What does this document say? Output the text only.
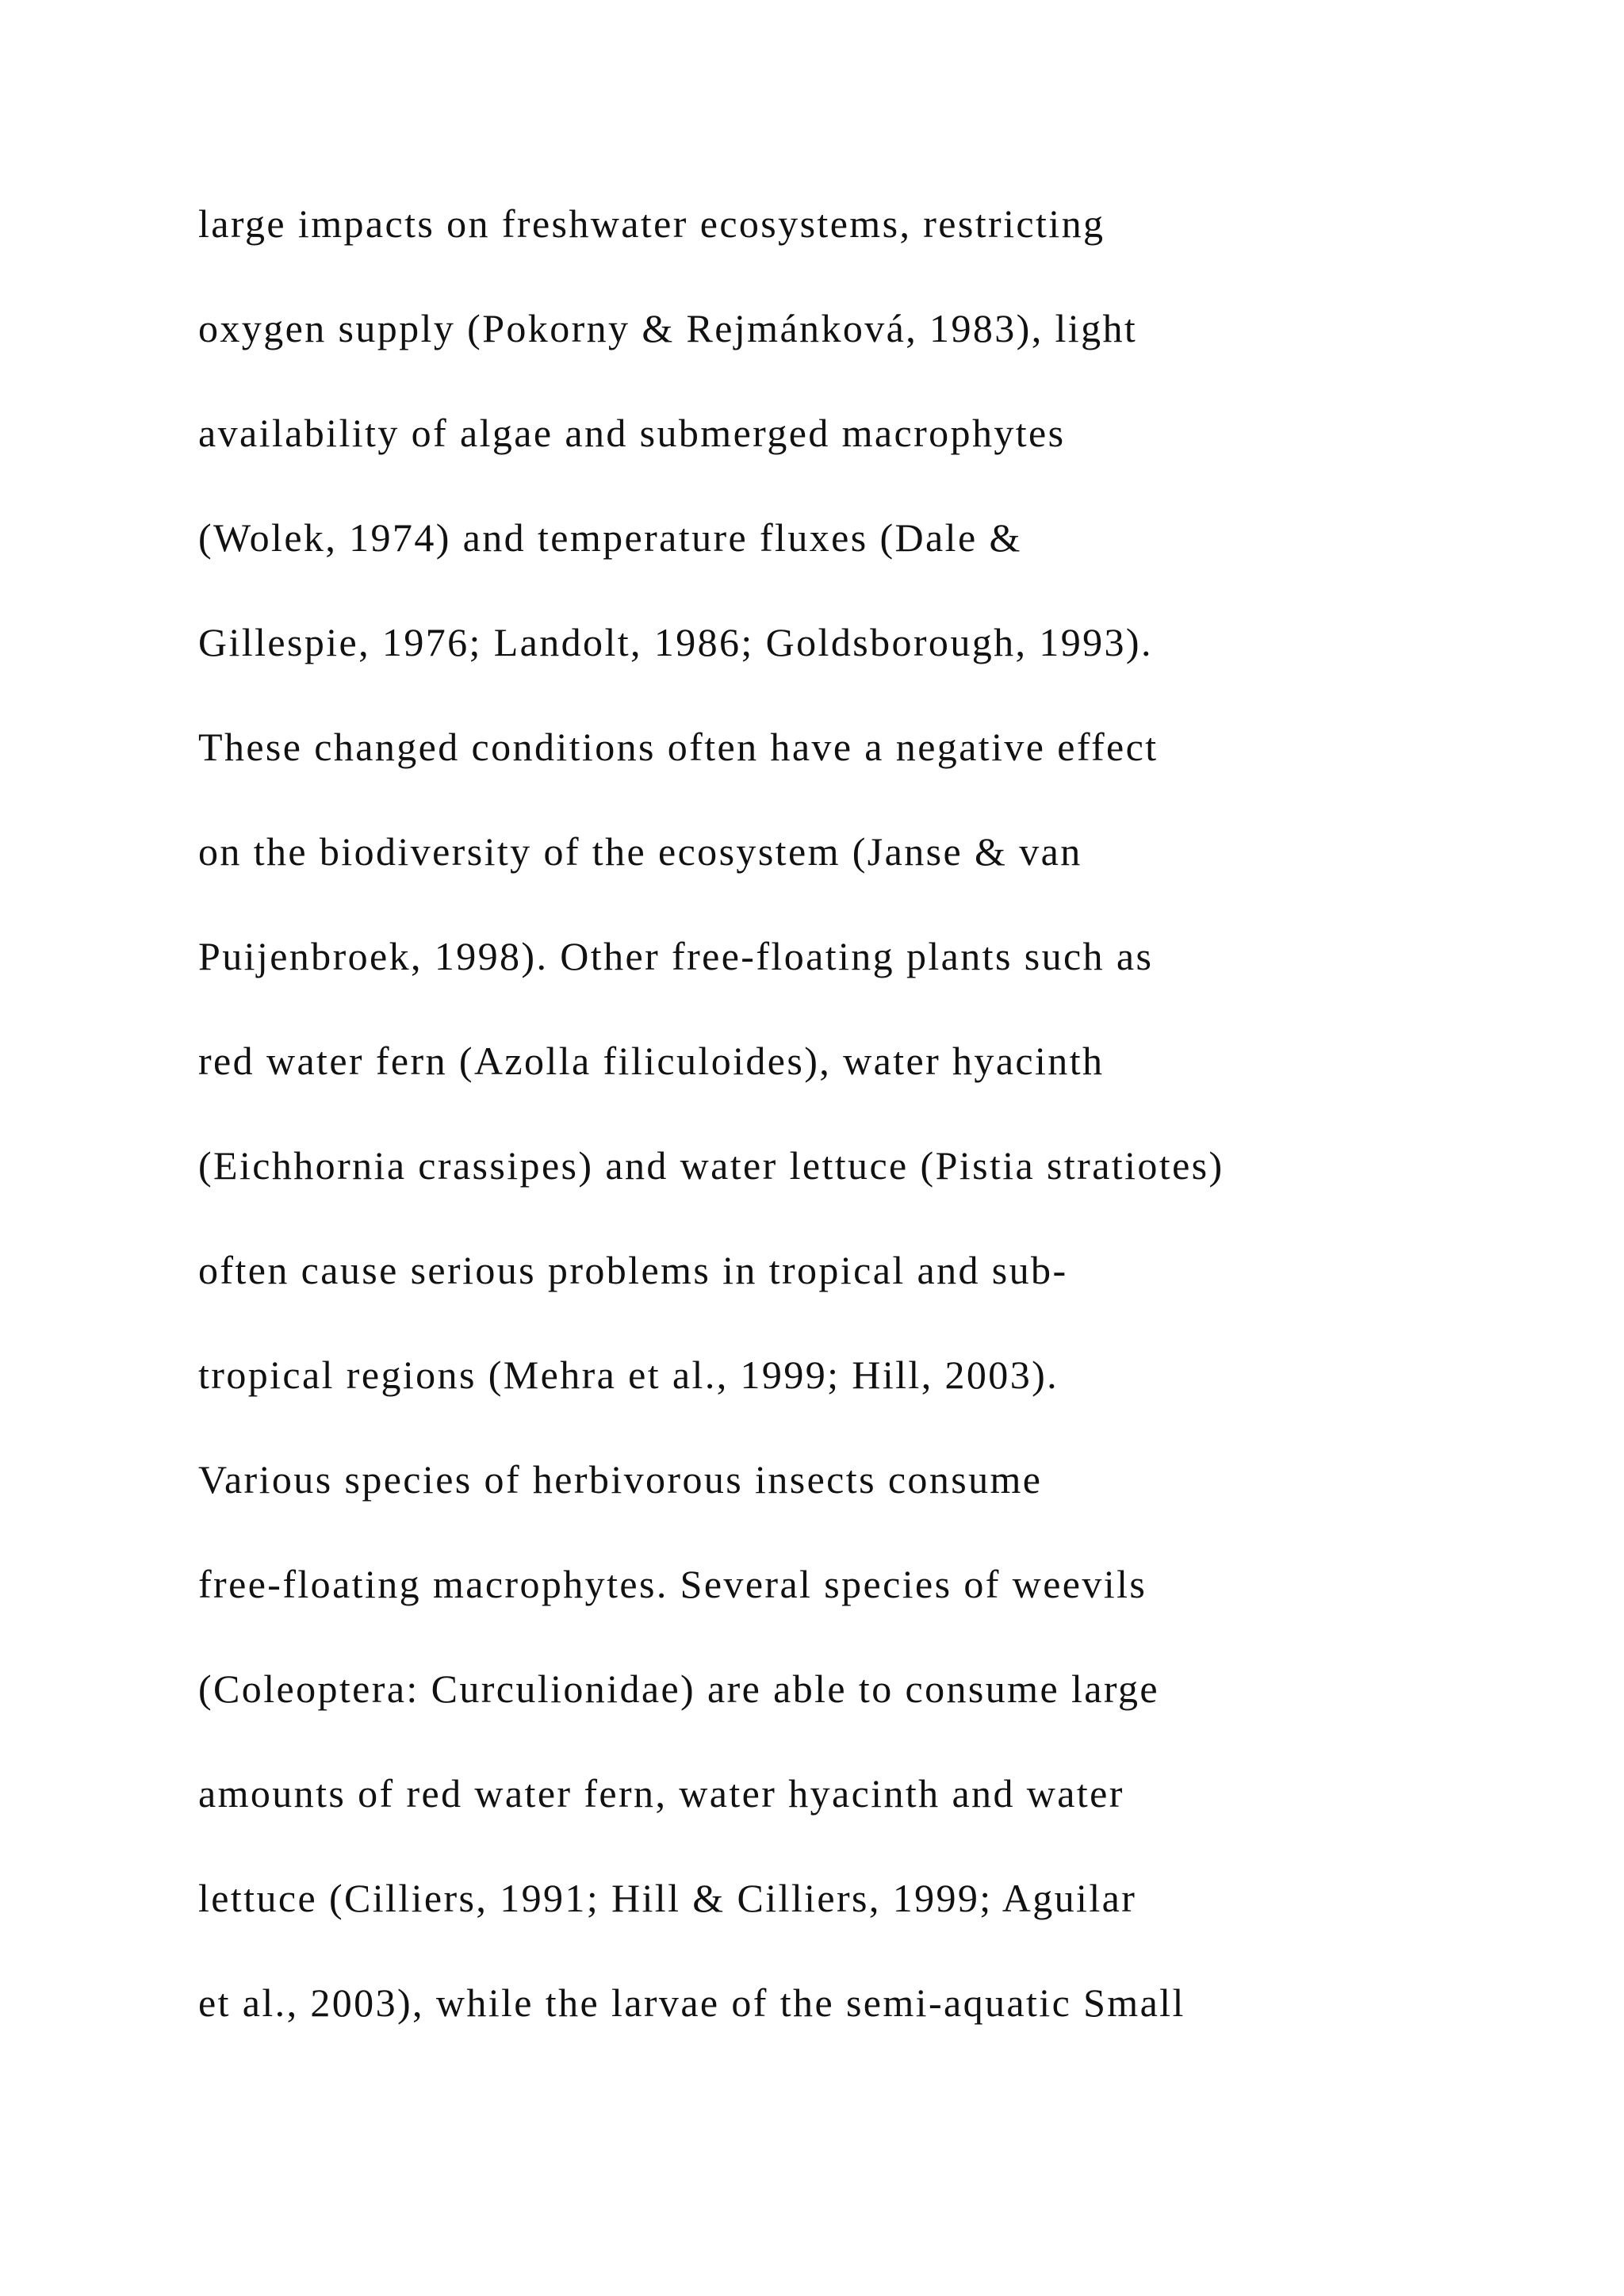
large impacts on freshwater ecosystems, restricting
oxygen supply (Pokorny & Rejmánková, 1983), light
availability of algae and submerged macrophytes
(Wolek, 1974) and temperature fluxes (Dale &
Gillespie, 1976; Landolt, 1986; Goldsborough, 1993).
These changed conditions often have a negative effect
on the biodiversity of the ecosystem (Janse & van
Puijenbroek, 1998). Other free-floating plants such as
red water fern (Azolla filiculoides), water hyacinth
(Eichhornia crassipes) and water lettuce (Pistia stratiotes)
often cause serious problems in tropical and sub-
tropical regions (Mehra et al., 1999; Hill, 2003).
Various species of herbivorous insects consume
free-floating macrophytes. Several species of weevils
(Coleoptera: Curculionidae) are able to consume large
amounts of red water fern, water hyacinth and water
lettuce (Cilliers, 1991; Hill & Cilliers, 1999; Aguilar
et al., 2003), while the larvae of the semi-aquatic Small
